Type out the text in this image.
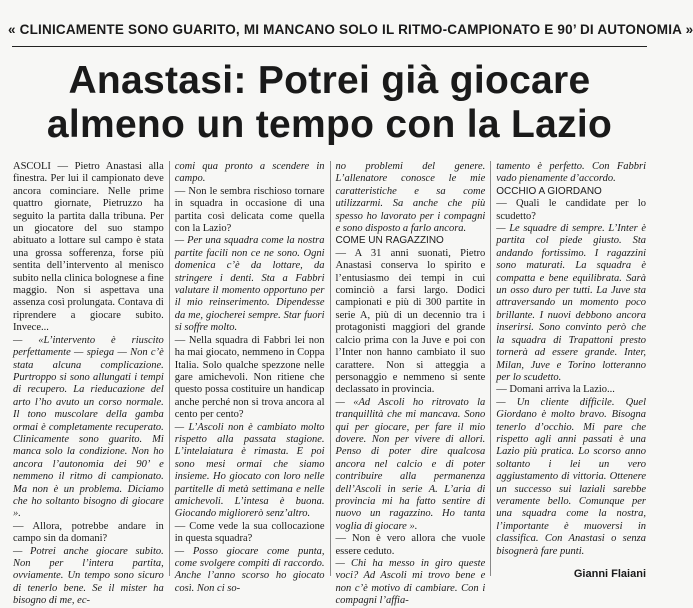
« CLINICAMENTE SONO GUARITO, MI MANCANO SOLO IL RITMO-CAMPIONATO E 90’ DI AUTONOMIA »
Anastasi: Potrei già giocare
almeno un tempo con la Lazio

ASCOLI — Pietro Anastasi alla finestra. Per lui il campionato deve ancora cominciare. Nelle prime quattro giornate, Pietruzzo ha seguito la partita dalla tribuna. Per un giocatore del suo stampo abituato a lottare sul campo è stata una grossa sofferenza, forse più sentita dell’intervento al menisco subito nella clinica bolognese a fine maggio. Non si aspettava una assenza così prolungata. Contava di riprendere a giocare subito. Invece...

— «L’intervento è riuscito perfettamente — spiega — Non c’è stata alcuna complicazione. Purtroppo si sono allungati i tempi di recupero. La rieducazione del arto l’ho avuto un corso normale. Il tono muscolare della gamba ormai è completamente recuperato. Clinicamente sono guarito. Mi manca solo la condizione. Non ho ancora l’autonomia dei 90’ e nemmeno il ritmo di campionato. Ma non è un problema. Diciamo che ho soltanto bisogno di giocare ».

— Allora, potrebbe andare in campo sin da domani?

— Potrei anche giocare subito. Non per l’intera partita, ovviamente. Un tempo sono sicuro di tenerlo bene. Se il mister ha bisogno di me, ec-

comi qua pronto a scendere in campo.

— Non le sembra rischioso tornare in squadra in occasione di una partita così delicata come quella con la Lazio?

— Per una squadra come la nostra partite facili non ce ne sono. Ogni domenica c’è da lottare, da stringere i denti. Sta a Fabbri valutare il momento opportuno per il mio reinserimento. Dipendesse da me, giocherei sempre. Star fuori si soffre molto.

— Nella squadra di Fabbri lei non ha mai giocato, nemmeno in Coppa Italia. Solo qualche spezzone nelle gare amichevoli. Non ritiene che questo possa costituire un handicap anche perché non si trova ancora al cento per cento?

— L’Ascoli non è cambiato molto rispetto alla passata stagione. L’intelaiatura è rimasta. E poi sono mesi ormai che siamo insieme. Ho giocato con loro nelle partitelle di metà settimana e nelle amichevoli. L’intesa è buona. Giocando migliorerò senz’altro.

— Come vede la sua collocazione in questa squadra?

— Posso giocare come punta, come svolgere compiti di raccordo. Anche l’anno scorso ho giocato così. Non ci so-

no problemi del genere. L’allenatore conosce le mie caratteristiche e sa come utilizzarmi. Sa anche che più spesso ho lavorato per i compagni e sono disposto a farlo ancora.

COME UN RAGAZZINO

— A 31 anni suonati, Pietro Anastasi conserva lo spirito e l’entusiasmo dei tempi in cui cominciò a farsi largo. Dodici campionati e più di 300 partite in serie A, più di un decennio tra i protagonisti maggiori del grande calcio prima con la Juve e poi con l’Inter non hanno cambiato il suo carattere. Non si atteggia a personaggio e nemmeno si sente declassato in provincia.

— «Ad Ascoli ho ritrovato la tranquillità che mi mancava. Sono qui per giocare, per fare il mio dovere. Non per vivere di allori. Penso di poter dire qualcosa ancora nel calcio e di poter contribuire alla permanenza dell’Ascoli in serie A. L’aria di provincia mi ha fatto sentire di nuovo un ragazzino. Ho tanta voglia di giocare ».

— Non è vero allora che vuole essere ceduto.

— Chi ha messo in giro queste voci? Ad Ascoli mi trovo bene e non c’è motivo di cambiare. Con i compagni l’affia-

tamento è perfetto. Con Fabbri vado pienamente d’accordo.

OCCHIO A GIORDANO

— Quali le candidate per lo scudetto?

— Le squadre di sempre. L’Inter è partita col piede giusto. Sta andando fortissimo. I ragazzini sono maturati. La squadra è compatta e bene equilibrata. Sarà un osso duro per tutti. La Juve sta attraversando un momento poco brillante. I nuovi debbono ancora inserirsi. Sono convinto però che la squadra di Trapattoni presto tornerà ad essere grande. Inter, Milan, Juve e Torino lotteranno per lo scudetto.

— Domani arriva la Lazio...

— Un cliente difficile. Quel Giordano è molto bravo. Bisogna tenerlo d’occhio. Mi pare che rispetto agli anni passati è una Lazio più pratica. Lo scorso anno soltanto i lei un vero aggiustamento di vittoria. Ottenere un successo sui laziali sarebbe veramente bello. Comunque per una squadra come la nostra, l’importante è muoversi in classifica. Con Anastasi o senza bisognerà fare punti.

Gianni Flaiani
